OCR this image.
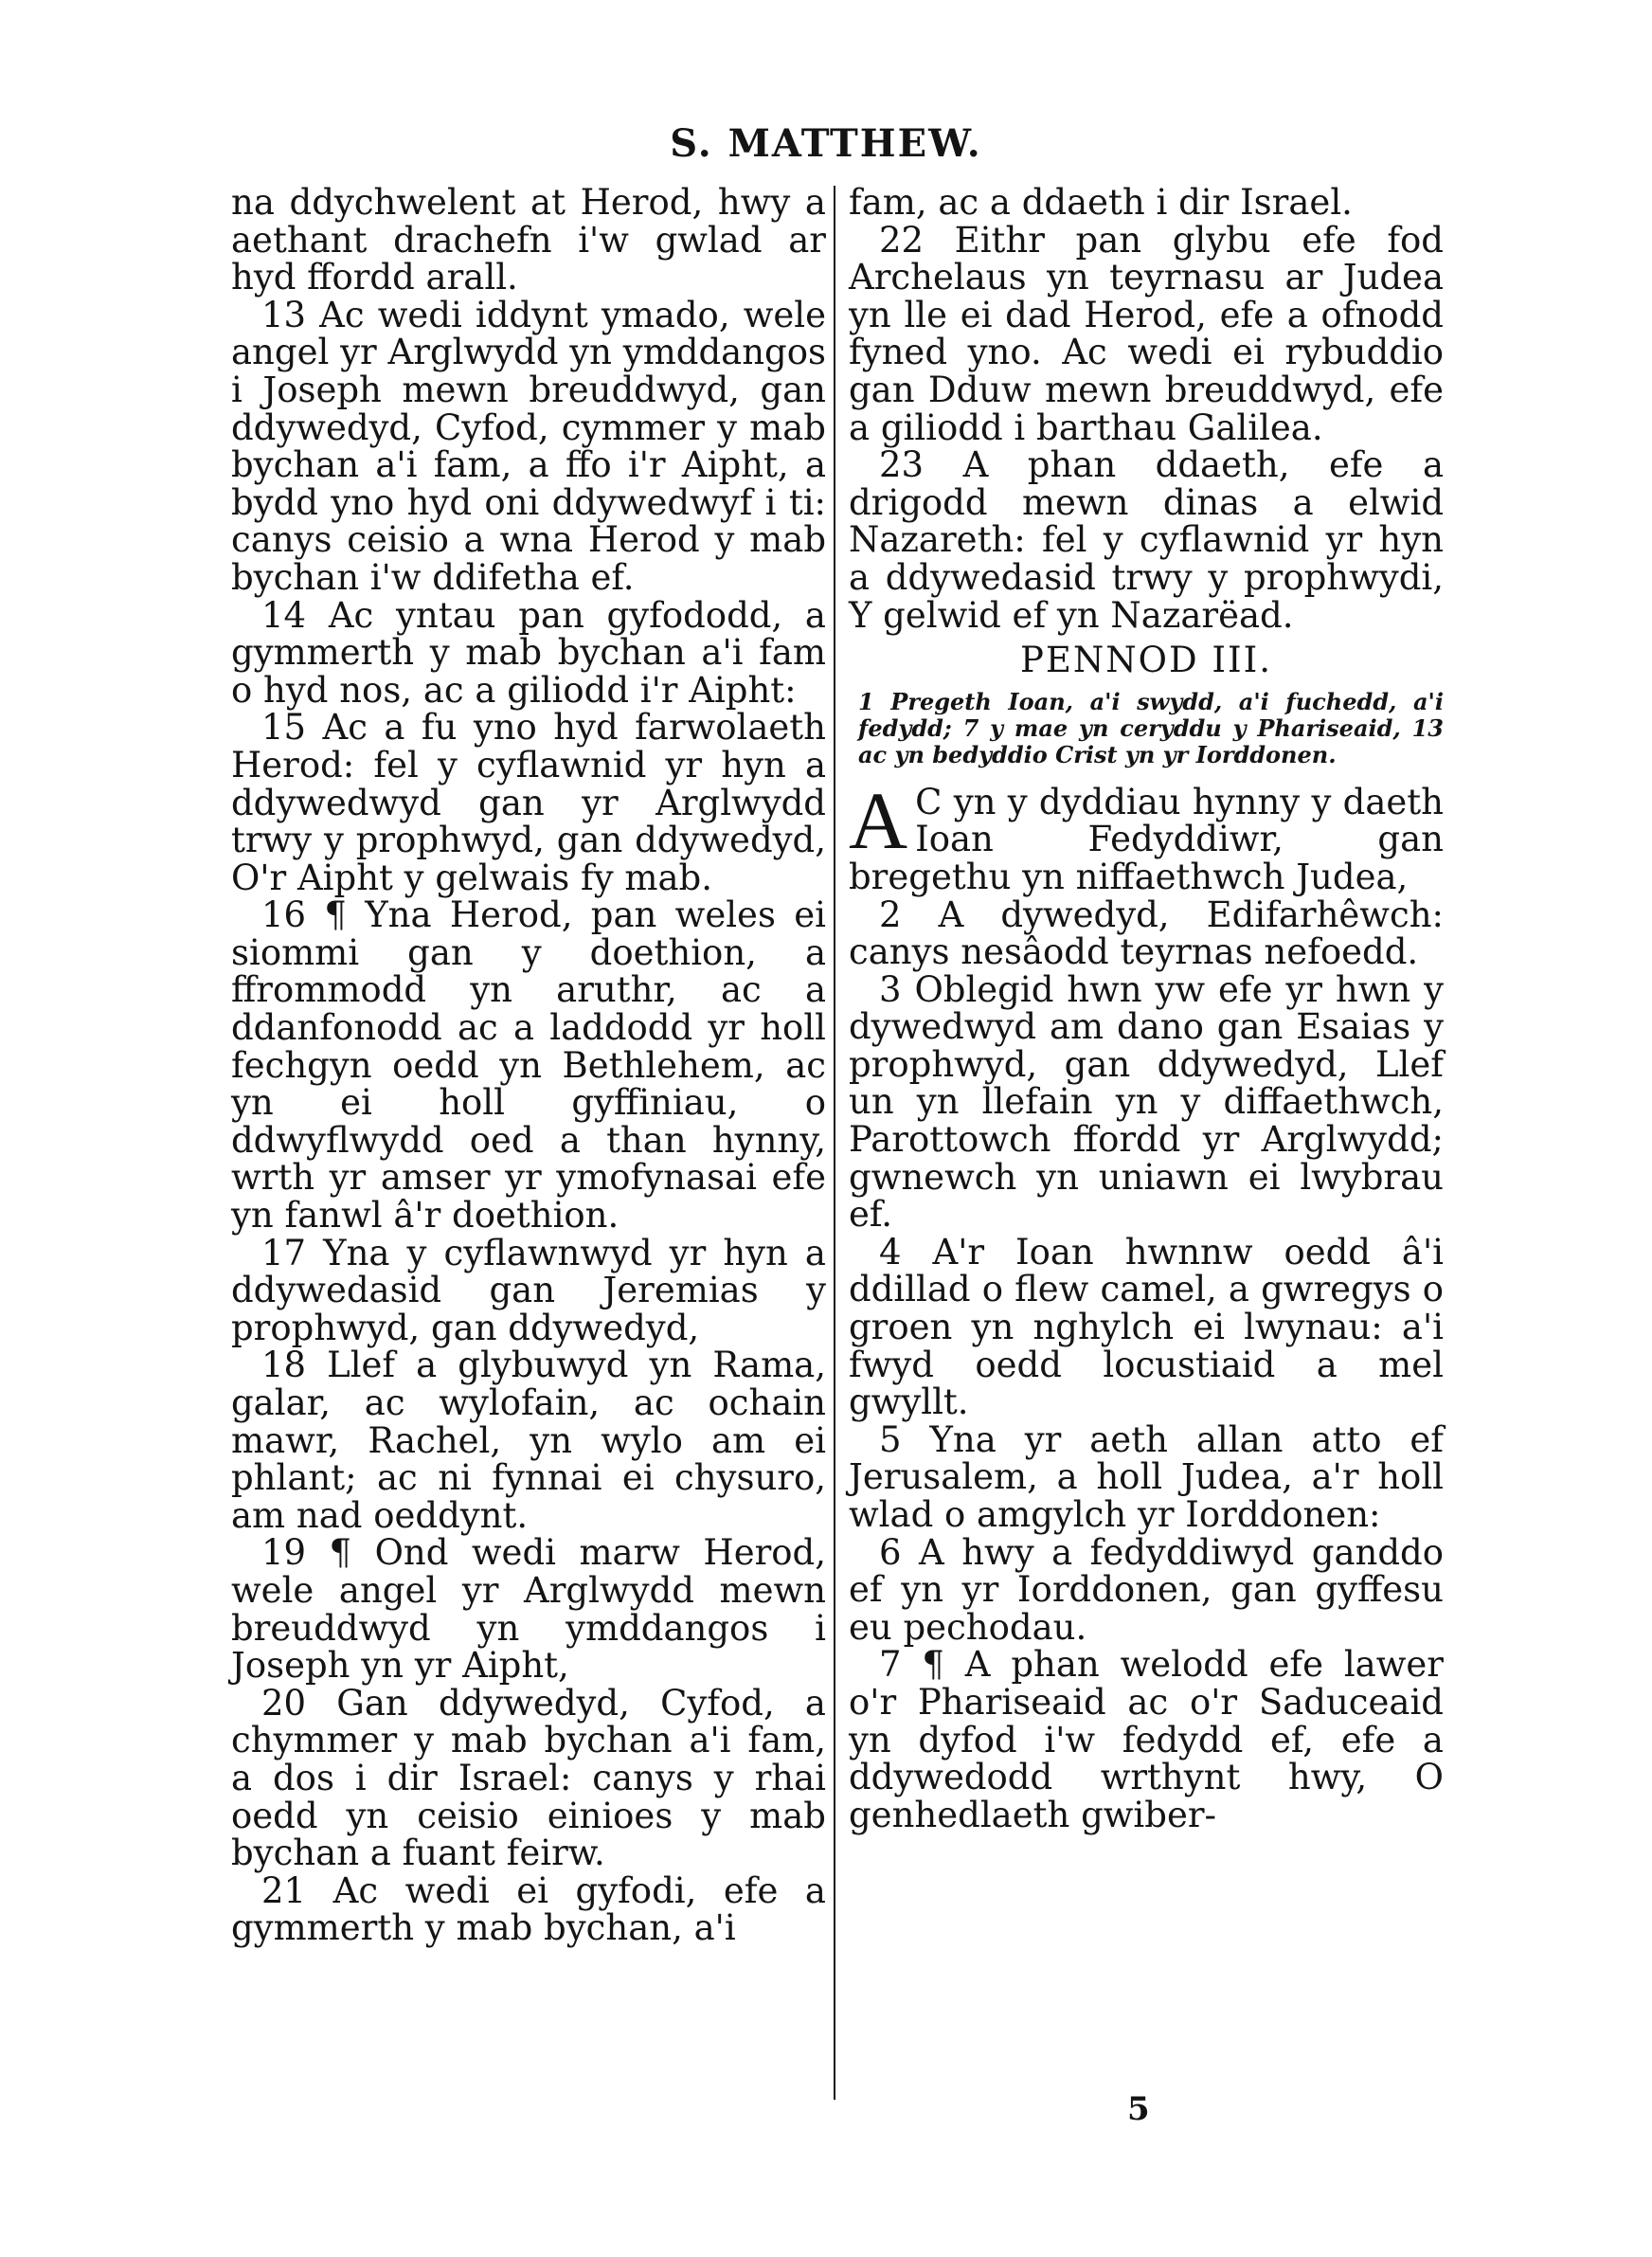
S. MATTHEW.

na ddychwelent at Herod, hwy a aethant drachefn i'w gwlad ar hyd ffordd arall.

13 Ac wedi iddynt ymado, wele angel yr Arglwydd yn ymddangos i Joseph mewn breuddwyd, gan ddywedyd, Cyfod, cymmer y mab bychan a'i fam, a ffo i'r Aipht, a bydd yno hyd oni ddywedwyf i ti: canys ceisio a wna Herod y mab bychan i'w ddifetha ef.

14 Ac yntau pan gyfododd, a gymmerth y mab bychan a'i fam o hyd nos, ac a giliodd i'r Aipht:

15 Ac a fu yno hyd farwolaeth Herod: fel y cyflawnid yr hyn a ddywedwyd gan yr Arglwydd trwy y prophwyd, gan ddywedyd, O'r Aipht y gelwais fy mab.

16 ¶ Yna Herod, pan weles ei siommi gan y doethion, a ffrommodd yn aruthr, ac a ddanfonodd ac a laddodd yr holl fechgyn oedd yn Bethlehem, ac yn ei holl gyffiniau, o ddwyflwydd oed a than hynny, wrth yr amser yr ymofynasai efe yn fanwl â'r doethion.

17 Yna y cyflawnwyd yr hyn a ddywedasid gan Jeremias y prophwyd, gan ddywedyd,

18 Llef a glybuwyd yn Rama, galar, ac wylofain, ac ochain mawr, Rachel, yn wylo am ei phlant; ac ni fynnai ei chysuro, am nad oeddynt.

19 ¶ Ond wedi marw Herod, wele angel yr Arglwydd mewn breuddwyd yn ymddangos i Joseph yn yr Aipht,

20 Gan ddywedyd, Cyfod, a chymmer y mab bychan a'i fam, a dos i dir Israel: canys y rhai oedd yn ceisio einioes y mab bychan a fuant feirw.

21 Ac wedi ei gyfodi, efe a gymmerth y mab bychan, a'i

fam, ac a ddaeth i dir Israel.

22 Eithr pan glybu efe fod Archelaus yn teyrnasu ar Judea yn lle ei dad Herod, efe a ofnodd fyned yno. Ac wedi ei rybuddio gan Dduw mewn breuddwyd, efe a giliodd i barthau Galilea.

23 A phan ddaeth, efe a drigodd mewn dinas a elwid Nazareth: fel y cyflawnid yr hyn a ddywedasid trwy y prophwydi, Y gelwid ef yn Nazarëad.

PENNOD III.

1 Pregeth Ioan, a'i swydd, a'i fuchedd, a'i fedydd; 7 y mae yn ceryddu y Phariseaid, 13 ac yn bedyddio Crist yn yr Iorddonen.

A C yn y dyddiau hynny y daeth Ioan Fedyddiwr, gan bregethu yn niffaethwch Judea,

2 A dywedyd, Edifarhêwch: canys nesâodd teyrnas nefoedd.

3 Oblegid hwn yw efe yr hwn y dywedwyd am dano gan Esaias y prophwyd, gan ddywedyd, Llef un yn llefain yn y diffaethwch, Parottowch ffordd yr Arglwydd; gwnewch yn uniawn ei lwybrau ef.

4 A'r Ioan hwnnw oedd â'i ddillad o flew camel, a gwregys o groen yn nghylch ei lwynau: a'i fwyd oedd locustiaid a mel gwyllt.

5 Yna yr aeth allan atto ef Jerusalem, a holl Judea, a'r holl wlad o amgylch yr Iorddonen:

6 A hwy a fedyddiwyd ganddo ef yn yr Iorddonen, gan gyffesu eu pechodau.

7 ¶ A phan welodd efe lawer o'r Phariseaid ac o'r Saduceaid yn dyfod i'w fedydd ef, efe a ddywedodd wrthynt hwy, O genhedlaeth gwiber-

5
